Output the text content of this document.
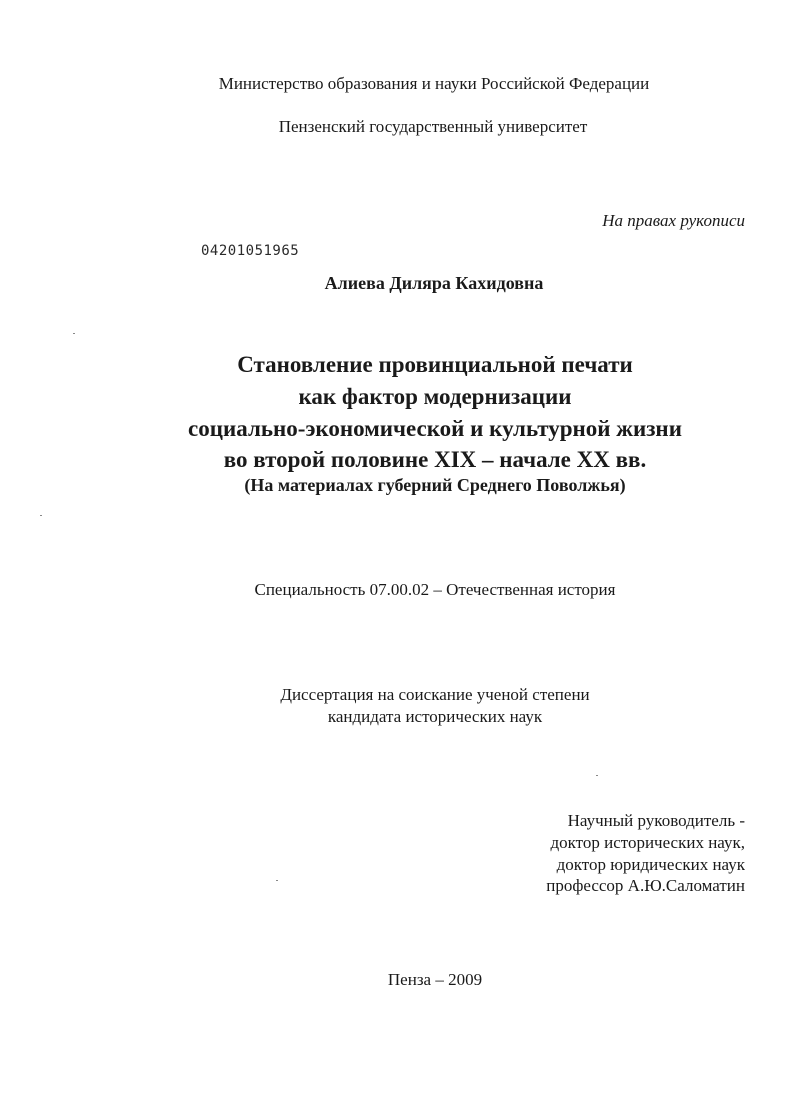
Министерство образования и науки Российской Федерации

Пензенский государственный университет

На правах рукописи

04201051965

Алиева Диляра Кахидовна

Становление провинциальной печати

как фактор модернизации

социально-экономической и культурной жизни

во второй половине XIX – начале XX вв.

(На материалах губерний Среднего Поволжья)

Специальность 07.00.02 – Отечественная история

Диссертация на соискание ученой степени

кандидата исторических наук

Научный руководитель -

доктор исторических наук,

доктор юридических наук

профессор А.Ю.Саломатин

Пенза – 2009
